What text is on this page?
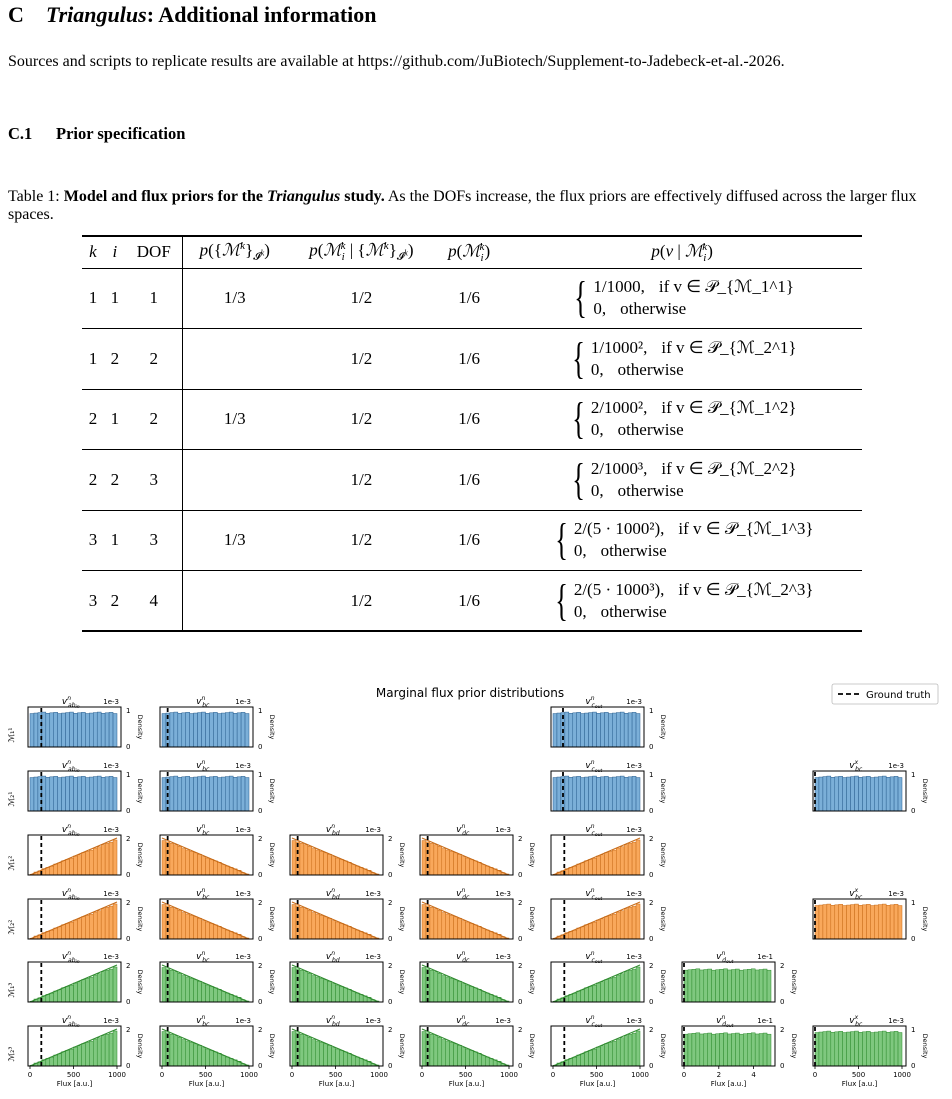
C Triangulus: Additional information
Sources and scripts to replicate results are available at https://github.com/JuBiotech/Supplement-to-Jadebeck-et-al.-2026.
C.1 Prior specification
Table 1: Model and flux priors for the Triangulus study. As the DOFs increase, the flux priors are effectively diffused across the larger flux spaces.
k	i	DOF	$p(\{ℳ^k\}_{𝓘^k})$	p(ℳ$_i^k$ | $\{ℳ^k\}_{𝓘^k}$)	p(ℳ$_i^k$)	p(v | ℳ$_i^k$)
1	1	1	1/3	1/2	1/6	{ 1/1000, if v ∈ 𝒫_{ℳ_1^1}
0, otherwise

1	2	2		1/2	1/6	{ 1/1000², if v ∈ 𝒫_{ℳ_2^1}
0, otherwise

2	1	2	1/3	1/2	1/6	{ 2/1000², if v ∈ 𝒫_{ℳ_1^2}
0, otherwise

2	2	3		1/2	1/6	{ 2/1000³, if v ∈ 𝒫_{ℳ_2^2}
0, otherwise

3	1	3	1/3	1/2	1/6	{ 2/(5 · 1000²), if v ∈ 𝒫_{ℳ_1^3}
0, otherwise

3	2	4		1/2	1/6	{ 2/(5 · 1000³), if v ∈ 𝒫_{ℳ_2^3}
0, otherwise
Marginal flux prior distributions	Ground truth
ℳ₁¹
ℳ₂¹
ℳ₁²
ℳ₂²
ℳ₁³
ℳ₂³
1
0
Density
$v^n$ abin
1e-3
1
0
Density
$v^n$ bc	1e-3
1
0
Density
$v^n$ cout
1e-3
1
0
Density
$v^n$ abin
1e-3
1
0
Density
$v^n$ bc	1e-3
1
0
Density
$v^n$ cout
1e-3
1
0
Density
$v^x$ bc	1e-3
2
0
Density
$v^n$ abin
1e-3
2
0
Density
$v^n$ bc	1e-3
2
0
Density
$v^n$ bd	1e-3
2
0
Density
$v^n$ dc	1e-3
2
0
Density
$v^n$ cout
1e-3
2
0
Density
$v^n$ abin
1e-3
2
0
Density
$v^n$ bc	1e-3
2
0
Density
$v^n$ bd	1e-3
2
0
Density
$v^n$ dc	1e-3
2
0
Density
$v^n$ cout
1e-3
1
0
Density
$v^x$ bc	1e-3
2
0
Density
$v^n$ abin
1e-3
2
0
Density
$v^n$ bc	1e-3
2
0
Density
$v^n$ bd	1e-3
2
0
Density
$v^n$ dc	1e-3
2
0
Density
$v^n$ cout
1e-3
2
0
Density
$v^n$ dout
1e-1
2
0
Density
$v^n$ abin
1e-3
0	500	1000
Flux [a.u.]
2
0
Density
$v^n$ bc	1e-3
0	500	1000
Flux [a.u.]
2
0
Density
$v^n$ bd	1e-3
0	500	1000
Flux [a.u.]
2
0
Density
$v^n$ dc	1e-3
0	500	1000
Flux [a.u.]
2
0
Density
$v^n$ cout
1e-3
0	500	1000
Flux [a.u.]
2
0
Density
$v^n$ dout
1e-1
0	2	4
Flux [a.u.]
1
0
Density
$v^x$ bc	1e-3
0	500	1000
Flux [a.u.]
